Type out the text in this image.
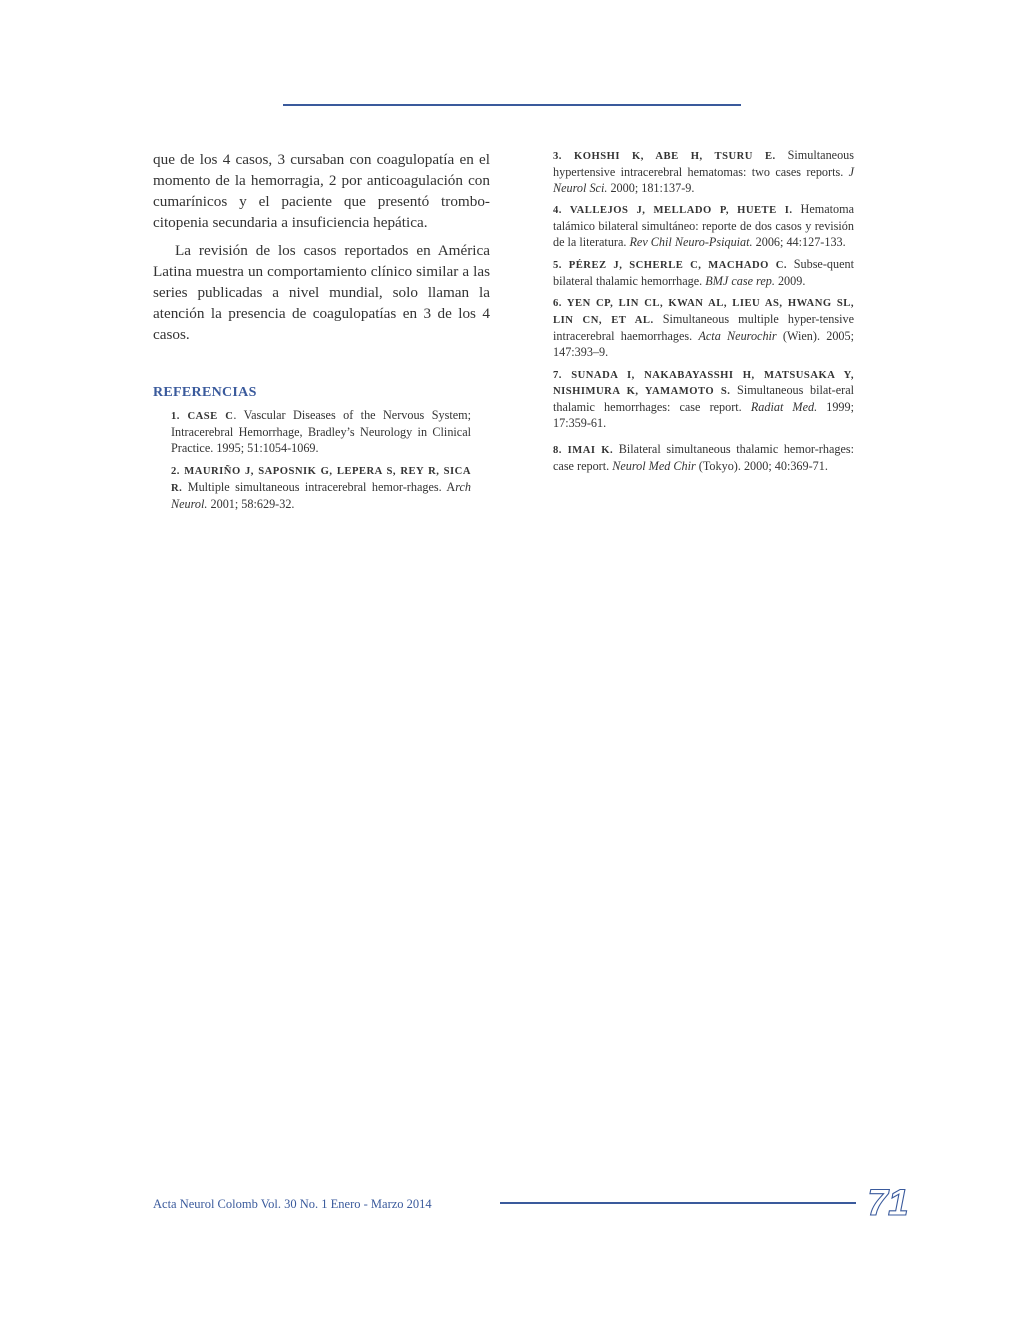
que de los 4 casos, 3 cursaban con coagulopatía en el momento de la hemorragia, 2 por anticoagulación con cumarínicos y el paciente que presentó trombo-citopenia secundaria a insuficiencia hepática.

La revisión de los casos reportados en América Latina muestra un comportamiento clínico similar a las series publicadas a nivel mundial, solo llaman la atención la presencia de coagulopatías en 3 de los 4 casos.

REFERENCIAS

1. CASE C. Vascular Diseases of the Nervous System; Intracerebral Hemorrhage, Bradley’s Neurology in Clinical Practice. 1995; 51:1054-1069.

2. MAURIÑO J, SAPOSNIK G, LEPERA S, REY R, SICA R. Multiple simultaneous intracerebral hemor-rhages. Arch Neurol. 2001; 58:629-32.

3. KOHSHI K, ABE H, TSURU E. Simultaneous hypertensive intracerebral hematomas: two cases reports. J Neurol Sci. 2000; 181:137-9.

4. VALLEJOS J, MELLADO P, HUETE I. Hematoma talámico bilateral simultáneo: reporte de dos casos y revisión de la literatura. Rev Chil Neuro-Psiquiat. 2006; 44:127-133.

5. PÉREZ J, SCHERLE C, MACHADO C. Subse-quent bilateral thalamic hemorrhage. BMJ case rep. 2009.

6. YEN CP, LIN CL, KWAN AL, LIEU AS, HWANG SL, LIN CN, ET AL. Simultaneous multiple hyper-tensive intracerebral haemorrhages. Acta Neurochir (Wien). 2005; 147:393–9.

7. SUNADA I, NAKABAYASSHI H, MATSUSAKA Y, NISHIMURA K, YAMAMOTO S. Simultaneous bilat-eral thalamic hemorrhages: case report. Radiat Med. 1999; 17:359-61.

8. IMAI K. Bilateral simultaneous thalamic hemor-rhages: case report. Neurol Med Chir (Tokyo). 2000; 40:369-71.

Acta Neurol Colomb Vol. 30 No. 1 Enero - Marzo 2014	71
